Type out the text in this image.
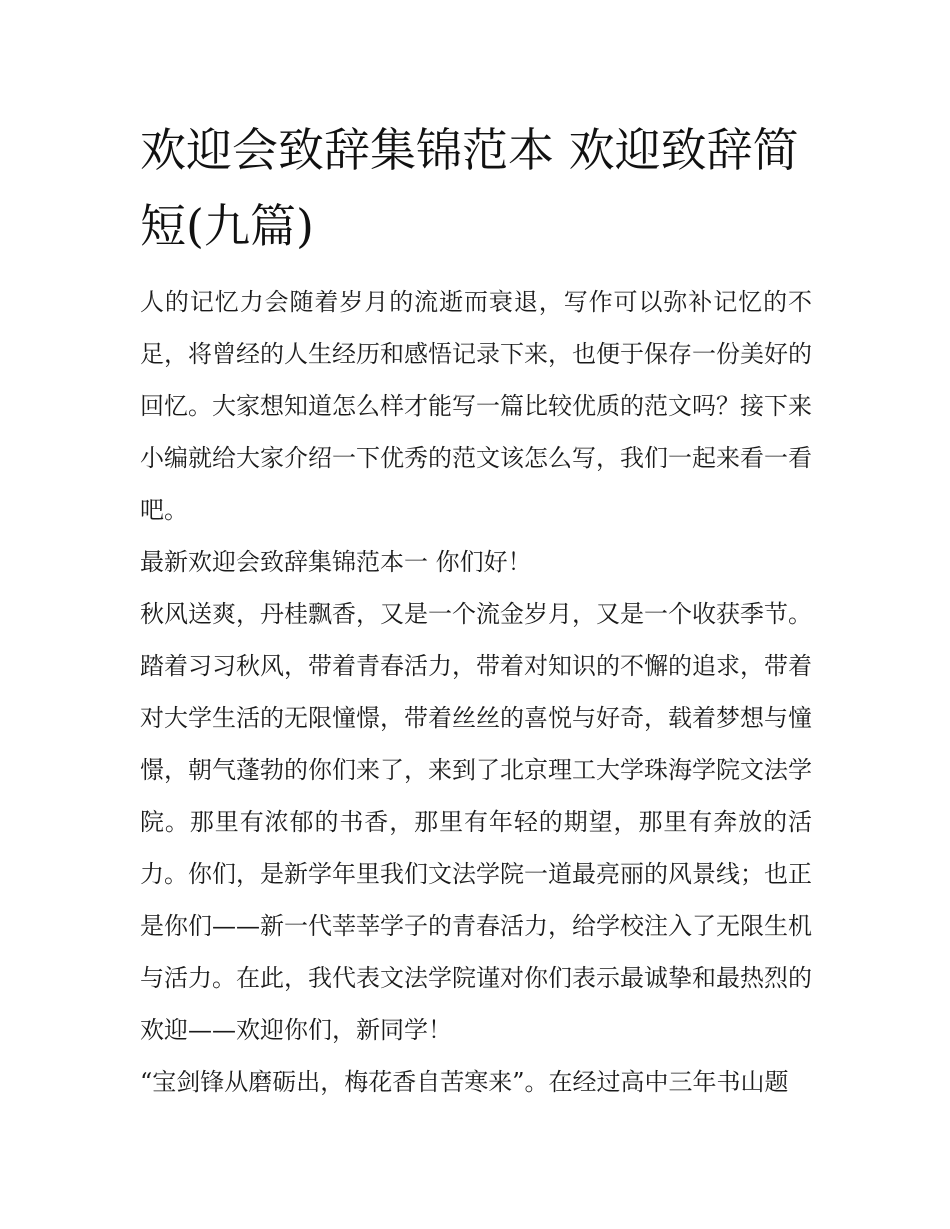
欢迎会致辞集锦范本 欢迎致辞简短(九篇)

人的记忆力会随着岁月的流逝而衰退，写作可以弥补记忆的不足，将曾经的人生经历和感悟记录下来，也便于保存一份美好的回忆。大家想知道怎么样才能写一篇比较优质的范文吗？接下来小编就给大家介绍一下优秀的范文该怎么写，我们一起来看一看吧。

最新欢迎会致辞集锦范本一 你们好！

秋风送爽，丹桂飘香，又是一个流金岁月，又是一个收获季节。踏着习习秋风，带着青春活力，带着对知识的不懈的追求，带着对大学生活的无限憧憬，带着丝丝的喜悦与好奇，载着梦想与憧憬，朝气蓬勃的你们来了，来到了北京理工大学珠海学院文法学院。那里有浓郁的书香，那里有年轻的期望，那里有奔放的活力。你们，是新学年里我们文法学院一道最亮丽的风景线；也正是你们——新一代莘莘学子的青春活力，给学校注入了无限生机与活力。在此，我代表文法学院谨对你们表示最诚挚和最热烈的欢迎——欢迎你们，新同学！

“宝剑锋从磨砺出，梅花香自苦寒来”。在经过高中三年书山题
